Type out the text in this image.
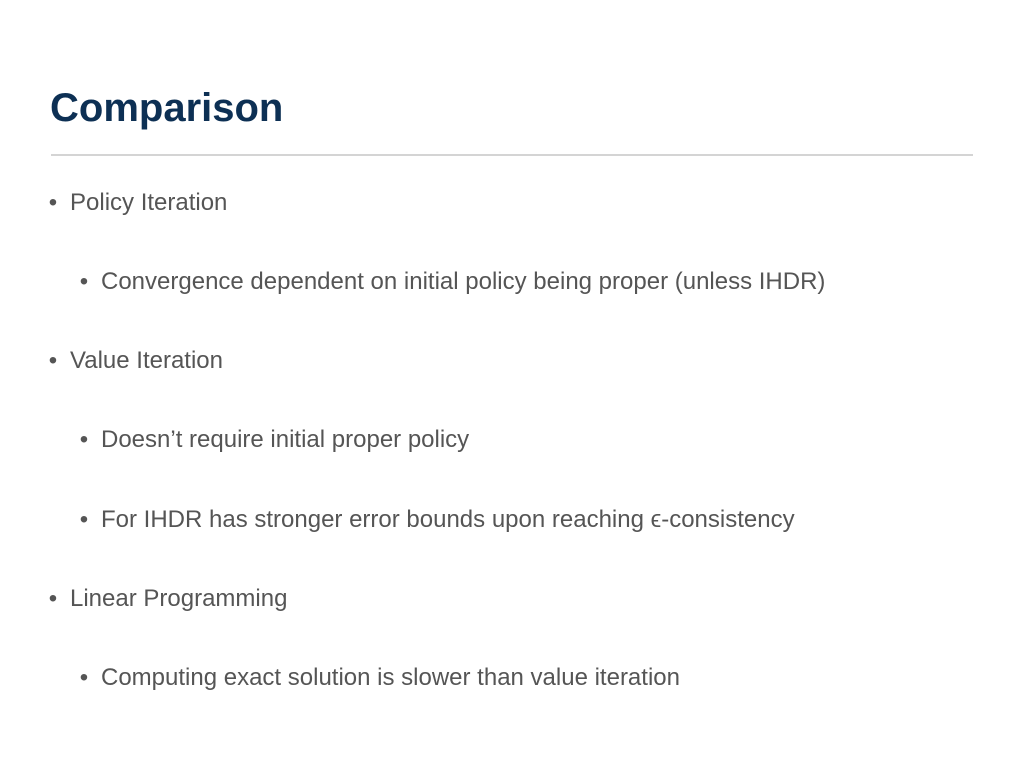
Comparison
• Policy Iteration
• Convergence dependent on initial policy being proper (unless IHDR)
• Value Iteration
• Doesn’t require initial proper policy
• For IHDR has stronger error bounds upon reaching ϵ-consistency
• Linear Programming
• Computing exact solution is slower than value iteration
